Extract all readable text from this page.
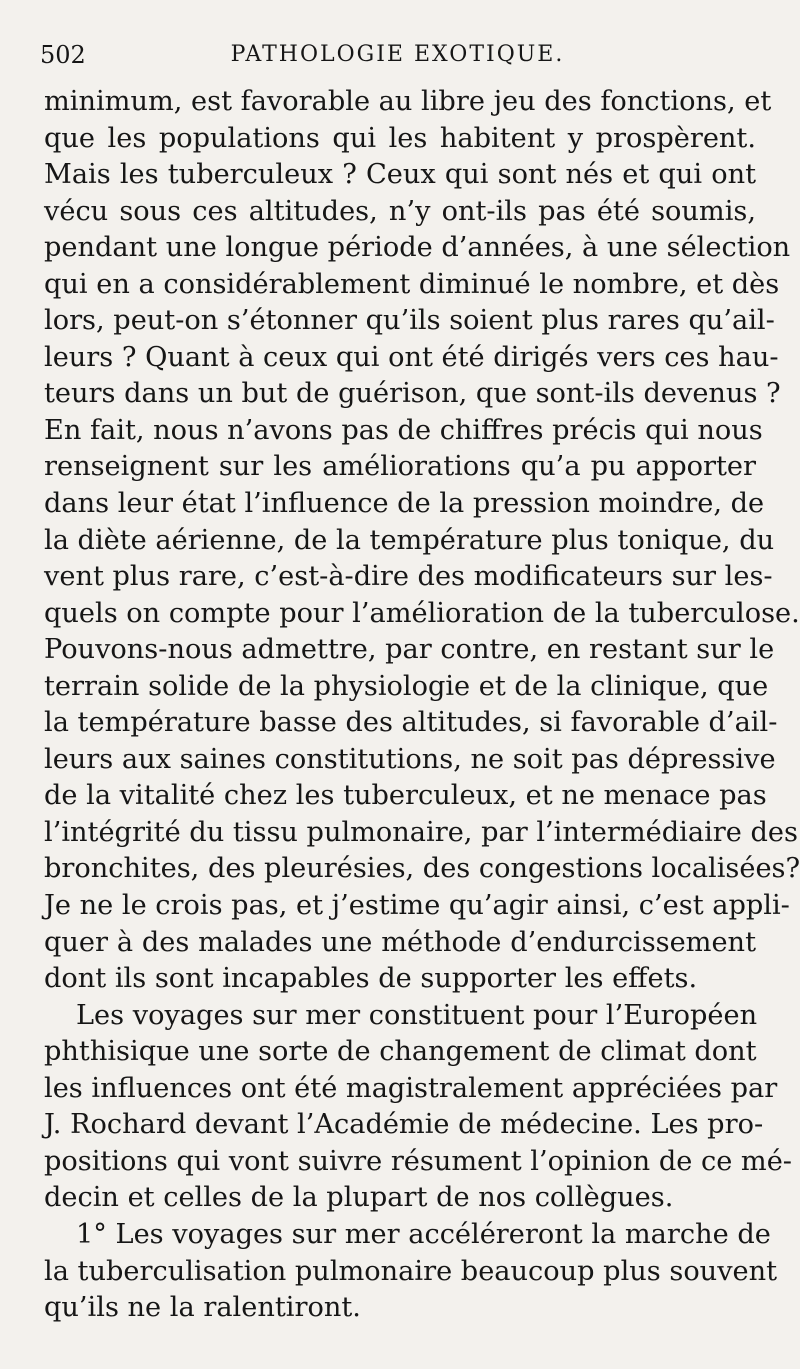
502	PATHOLOGIE EXOTIQUE.
minimum, est favorable au libre jeu des fonctions, et
que les populations qui les habitent y prospèrent.
Mais les tuberculeux ? Ceux qui sont nés et qui ont
vécu sous ces altitudes, n’y ont-ils pas été soumis,
pendant une longue période d’années, à une sélection
qui en a considérablement diminué le nombre, et dès
lors, peut-on s’étonner qu’ils soient plus rares qu’ail-
leurs ? Quant à ceux qui ont été dirigés vers ces hau-
teurs dans un but de guérison, que sont-ils devenus ?
En fait, nous n’avons pas de chiffres précis qui nous
renseignent sur les améliorations qu’a pu apporter
dans leur état l’influence de la pression moindre, de
la diète aérienne, de la température plus tonique, du
vent plus rare, c’est-à-dire des modificateurs sur les-
quels on compte pour l’amélioration de la tuberculose.
Pouvons-nous admettre, par contre, en restant sur le
terrain solide de la physiologie et de la clinique, que
la température basse des altitudes, si favorable d’ail-
leurs aux saines constitutions, ne soit pas dépressive
de la vitalité chez les tuberculeux, et ne menace pas
l’intégrité du tissu pulmonaire, par l’intermédiaire des
bronchites, des pleurésies, des congestions localisées?
Je ne le crois pas, et j’estime qu’agir ainsi, c’est appli-
quer à des malades une méthode d’endurcissement
dont ils sont incapables de supporter les effets.
Les voyages sur mer constituent pour l’Européen
phthisique une sorte de changement de climat dont
les influences ont été magistralement appréciées par
J. Rochard devant l’Académie de médecine. Les pro-
positions qui vont suivre résument l’opinion de ce mé-
decin et celles de la plupart de nos collègues.
1° Les voyages sur mer accéléreront la marche de
la tuberculisation pulmonaire beaucoup plus souvent
qu’ils ne la ralentiront.
